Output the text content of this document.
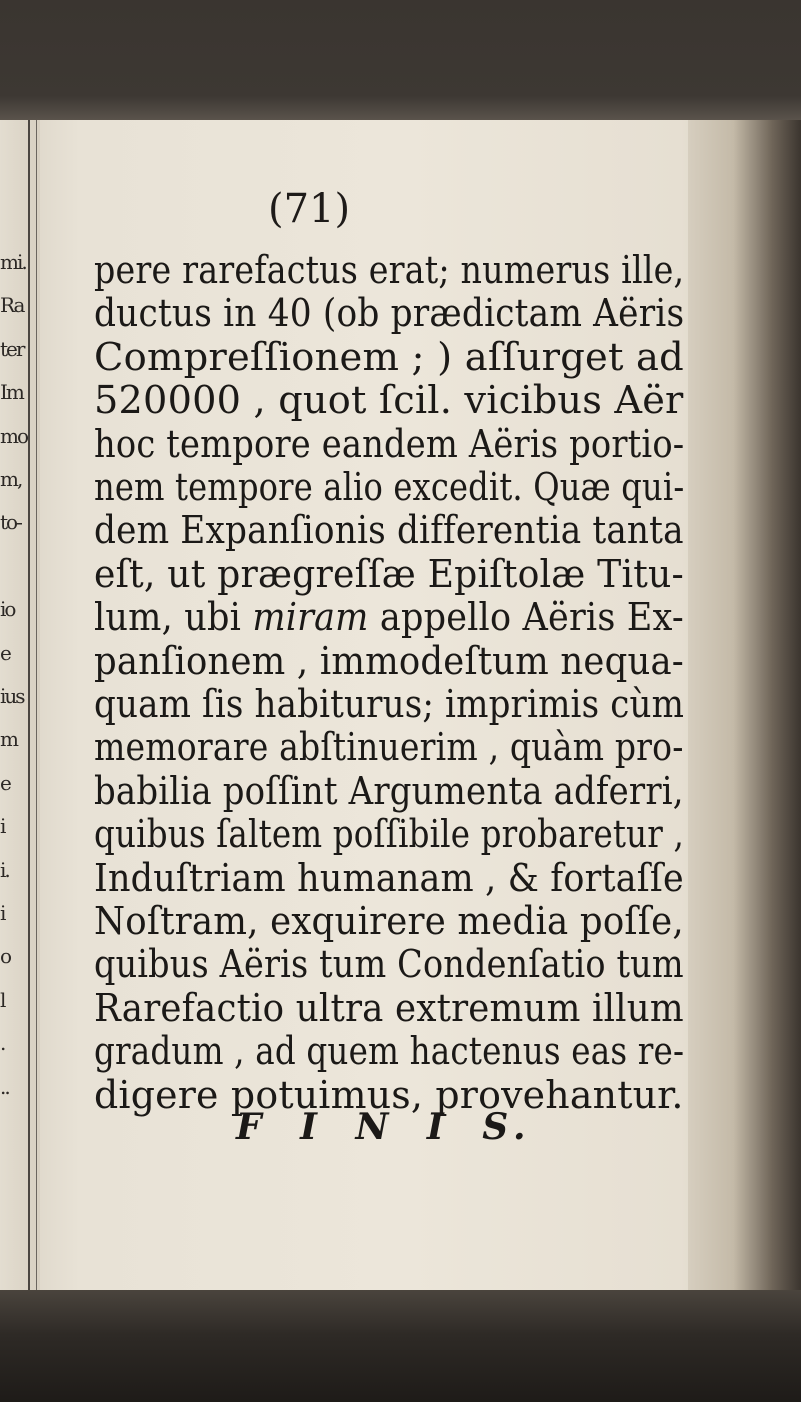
mi.
Ra
ter
Im
mo
m,
to-
io
e
ius
m
e
i
i.
i
o
l
.
..
(71)
pere rarefactus erat; numerus ille,
ductus in 40 (ob prædictam Aëris
Compreſſionem ; ) aſſurget ad
520000 , quot ſcil. vicibus Aër
hoc tempore eandem Aëris portio-
nem tempore alio excedit. Quæ qui-
dem Expanſionis differentia tanta
eſt, ut prægreſſæ Epiſtolæ Titu-
lum, ubi miram appello Aëris Ex-
panſionem , immodeſtum nequa-
quam ſis habiturus; imprimis cùm
memorare abſtinuerim , quàm pro-
babilia poſſint Argumenta adferri,
quibus ſaltem poſſibile probaretur ,
Induſtriam humanam , & fortaſſe
Noſtram, exquirere media poſſe,
quibus Aëris tum Condenſatio tum
Rarefactio ultra extremum illum
gradum , ad quem hactenus eas re-
digere potuimus, provehantur.
F I N I S.
